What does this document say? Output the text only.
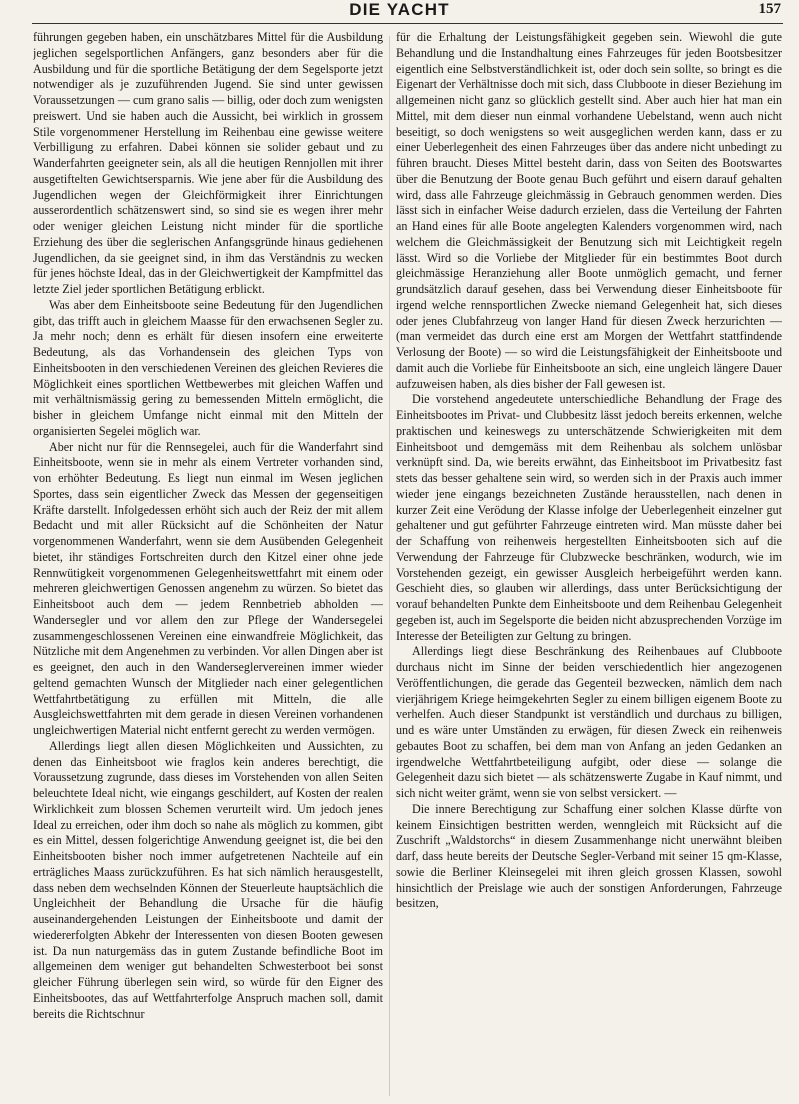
DIE YACHT	157

führungen gegeben haben, ein unschätzbares Mittel für die Ausbildung jeglichen segelsportlichen Anfängers, ganz besonders aber für die Ausbildung und für die sportliche Betätigung der dem Segelsporte jetzt notwendiger als je zuzuführenden Jugend. Sie sind unter gewissen Voraussetzungen — cum grano salis — billig, oder doch zum wenigsten preiswert. Und sie haben auch die Aussicht, bei wirklich in grossem Stile vorgenommener Herstellung im Reihenbau eine gewisse weitere Verbilligung zu erfahren. Dabei können sie solider gebaut und zu Wanderfahrten geeigneter sein, als all die heutigen Rennjollen mit ihrer ausgetiftelten Gewichtsersparnis. Wie jene aber für die Ausbildung des Jugendlichen wegen der Gleichförmigkeit ihrer Einrichtungen ausserordentlich schätzenswert sind, so sind sie es wegen ihrer mehr oder weniger gleichen Leistung nicht minder für die sportliche Erziehung des über die seglerischen Anfangsgründe hinaus gediehenen Jugendlichen, da sie geeignet sind, in ihm das Verständnis zu wecken für jenes höchste Ideal, das in der Gleichwertigkeit der Kampfmittel das letzte Ziel jeder sportlichen Betätigung erblickt.

Was aber dem Einheitsboote seine Bedeutung für den Jugendlichen gibt, das trifft auch in gleichem Maasse für den erwachsenen Segler zu. Ja mehr noch; denn es erhält für diesen insofern eine erweiterte Bedeutung, als das Vorhandensein des gleichen Typs von Einheitsbooten in den verschiedenen Vereinen des gleichen Revieres die Möglichkeit eines sportlichen Wettbewerbes mit gleichen Waffen und mit verhältnismässig gering zu bemessenden Mitteln ermöglicht, die bisher in gleichem Umfange nicht einmal mit den Mitteln der organisierten Segelei möglich war.

Aber nicht nur für die Rennsegelei, auch für die Wanderfahrt sind Einheitsboote, wenn sie in mehr als einem Vertreter vorhanden sind, von erhöhter Bedeutung. Es liegt nun einmal im Wesen jeglichen Sportes, dass sein eigentlicher Zweck das Messen der gegenseitigen Kräfte darstellt. Infolgedessen erhöht sich auch der Reiz der mit allem Bedacht und mit aller Rücksicht auf die Schönheiten der Natur vorgenommenen Wanderfahrt, wenn sie dem Ausübenden Gelegenheit bietet, ihr ständiges Fortschreiten durch den Kitzel einer ohne jede Rennwütigkeit vorgenommenen Gelegenheitswettfahrt mit einem oder mehreren gleichwertigen Genossen angenehm zu würzen. So bietet das Einheitsboot auch dem — jedem Rennbetrieb abholden — Wandersegler und vor allem den zur Pflege der Wandersegelei zusammengeschlossenen Vereinen eine einwandfreie Möglichkeit, das Nützliche mit dem Angenehmen zu verbinden. Vor allen Dingen aber ist es geeignet, den auch in den Wanderseglervereinen immer wieder geltend gemachten Wunsch der Mitglieder nach einer gelegentlichen Wettfahrtbetätigung zu erfüllen mit Mitteln, die alle Ausgleichswettfahrten mit dem gerade in diesen Vereinen vorhandenen ungleichwertigen Material nicht entfernt gerecht zu werden vermögen.

Allerdings liegt allen diesen Möglichkeiten und Aussichten, zu denen das Einheitsboot wie fraglos kein anderes berechtigt, die Voraussetzung zugrunde, dass dieses im Vorstehenden von allen Seiten beleuchtete Ideal nicht, wie eingangs geschildert, auf Kosten der realen Wirklichkeit zum blossen Schemen verurteilt wird. Um jedoch jenes Ideal zu erreichen, oder ihm doch so nahe als möglich zu kommen, gibt es ein Mittel, dessen folgerichtige Anwendung geeignet ist, die bei den Einheitsbooten bisher noch immer aufgetretenen Nachteile auf ein erträgliches Maass zurückzuführen. Es hat sich nämlich herausgestellt, dass neben dem wechselnden Können der Steuerleute hauptsächlich die Ungleichheit der Behandlung die Ursache für die häufig auseinandergehenden Leistungen der Einheitsboote und damit der wiedererfolgten Abkehr der Interessenten von diesen Booten gewesen ist. Da nun naturgemäss das in gutem Zustande befindliche Boot im allgemeinen dem weniger gut behandelten Schwesterboot bei sonst gleicher Führung überlegen sein wird, so würde für den Eigner des Einheitsbootes, das auf Wettfahrterfolge Anspruch machen soll, damit bereits die Richtschnur

für die Erhaltung der Leistungsfähigkeit gegeben sein. Wiewohl die gute Behandlung und die Instandhaltung eines Fahrzeuges für jeden Bootsbesitzer eigentlich eine Selbstverständlichkeit ist, oder doch sein sollte, so bringt es die Eigenart der Verhältnisse doch mit sich, dass Clubboote in dieser Beziehung im allgemeinen nicht ganz so glücklich gestellt sind. Aber auch hier hat man ein Mittel, mit dem dieser nun einmal vorhandene Uebelstand, wenn auch nicht beseitigt, so doch wenigstens so weit ausgeglichen werden kann, dass er zu einer Ueberlegenheit des einen Fahrzeuges über das andere nicht unbedingt zu führen braucht. Dieses Mittel besteht darin, dass von Seiten des Bootswartes über die Benutzung der Boote genau Buch geführt und eisern darauf gehalten wird, dass alle Fahrzeuge gleichmässig in Gebrauch genommen werden. Dies lässt sich in einfacher Weise dadurch erzielen, dass die Verteilung der Fahrten an Hand eines für alle Boote angelegten Kalenders vorgenommen wird, nach welchem die Gleichmässigkeit der Benutzung sich mit Leichtigkeit regeln lässt. Wird so die Vorliebe der Mitglieder für ein bestimmtes Boot durch gleichmässige Heranziehung aller Boote unmöglich gemacht, und ferner grundsätzlich darauf gesehen, dass bei Verwendung dieser Einheitsboote für irgend welche rennsportlichen Zwecke niemand Gelegenheit hat, sich dieses oder jenes Clubfahrzeug von langer Hand für diesen Zweck herzurichten — (man vermeidet das durch eine erst am Morgen der Wettfahrt stattfindende Verlosung der Boote) — so wird die Leistungsfähigkeit der Einheitsboote und damit auch die Vorliebe für Einheitsboote an sich, eine ungleich längere Dauer aufzuweisen haben, als dies bisher der Fall gewesen ist.

Die vorstehend angedeutete unterschiedliche Behandlung der Frage des Einheitsbootes im Privat- und Clubbesitz lässt jedoch bereits erkennen, welche praktischen und keineswegs zu unterschätzende Schwierigkeiten mit dem Einheitsboot und demgemäss mit dem Reihenbau als solchem unlösbar verknüpft sind. Da, wie bereits erwähnt, das Einheitsboot im Privatbesitz fast stets das besser gehaltene sein wird, so werden sich in der Praxis auch immer wieder jene eingangs bezeichneten Zustände herausstellen, nach denen in kurzer Zeit eine Verödung der Klasse infolge der Ueberlegenheit einzelner gut gehaltener und gut geführter Fahrzeuge eintreten wird. Man müsste daher bei der Schaffung von reihenweis hergestellten Einheitsbooten sich auf die Verwendung der Fahrzeuge für Clubzwecke beschränken, wodurch, wie im Vorstehenden gezeigt, ein gewisser Ausgleich herbeigeführt werden kann. Geschieht dies, so glauben wir allerdings, dass unter Berücksichtigung der vorauf behandelten Punkte dem Einheitsboote und dem Reihenbau Gelegenheit gegeben ist, auch im Segelsporte die beiden nicht abzusprechenden Vorzüge im Interesse der Beteiligten zur Geltung zu bringen.

Allerdings liegt diese Beschränkung des Reihenbaues auf Clubboote durchaus nicht im Sinne der beiden verschiedentlich hier angezogenen Veröffentlichungen, die gerade das Gegenteil bezwecken, nämlich dem nach vierjährigem Kriege heimgekehrten Segler zu einem billigen eigenem Boote zu verhelfen. Auch dieser Standpunkt ist verständlich und durchaus zu billigen, und es wäre unter Umständen zu erwägen, für diesen Zweck ein reihenweis gebautes Boot zu schaffen, bei dem man von Anfang an jeden Gedanken an irgendwelche Wettfahrtbeteiligung aufgibt, oder diese — solange die Gelegenheit dazu sich bietet — als schätzenswerte Zugabe in Kauf nimmt, und sich nicht weiter grämt, wenn sie von selbst versickert. —

Die innere Berechtigung zur Schaffung einer solchen Klasse dürfte von keinem Einsichtigen bestritten werden, wenngleich mit Rücksicht auf die Zuschrift „Waldstorchs“ in diesem Zusammenhange nicht unerwähnt bleiben darf, dass heute bereits der Deutsche Segler-Verband mit seiner 15 qm-Klasse, sowie die Berliner Kleinsegelei mit ihren gleich grossen Klassen, sowohl hinsichtlich der Preislage wie auch der sonstigen Anforderungen, Fahrzeuge besitzen,
